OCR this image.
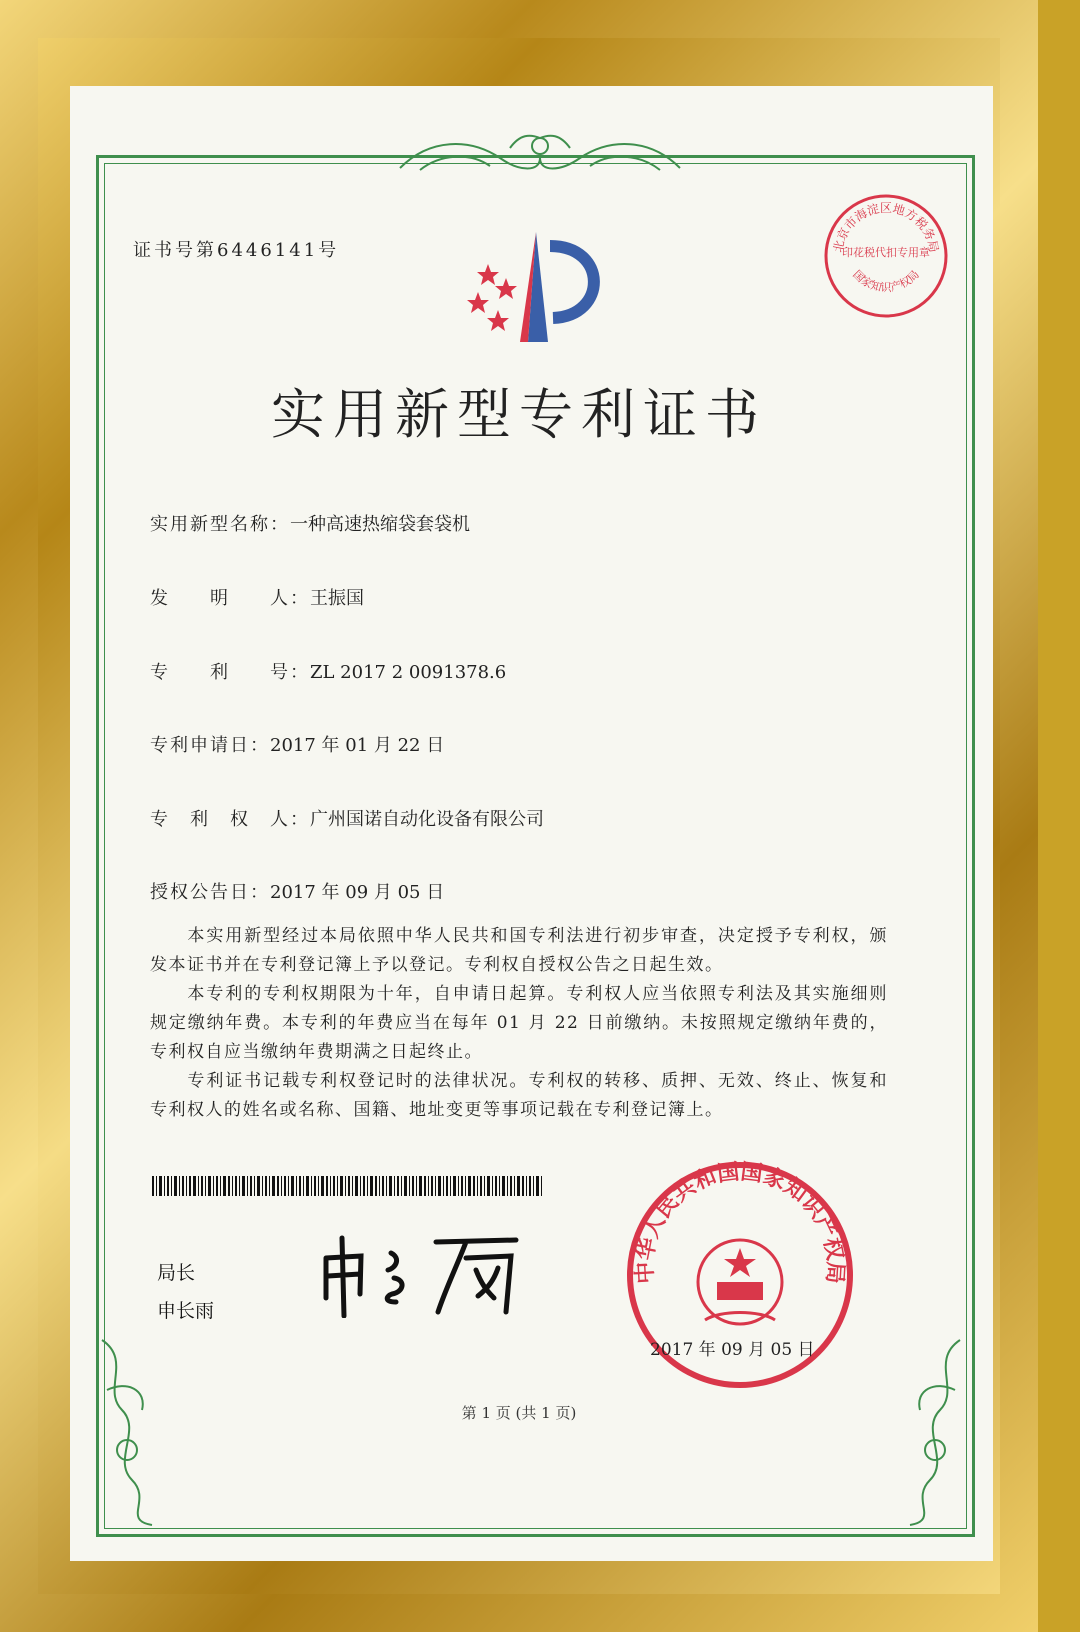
证书号第6446141号
实用新型专利证书
实用新型名称：一种高速热缩袋套袋机
发　　明　　人：王振国
专　　利　　号：ZL 2017 2 0091378.6
专利申请日：2017 年 01 月 22 日
专　利　权　人：广州国诺自动化设备有限公司
授权公告日：2017 年 09 月 05 日

本实用新型经过本局依照中华人民共和国专利法进行初步审查，决定授予专利权，颁发本证书并在专利登记簿上予以登记。专利权自授权公告之日起生效。

本专利的专利权期限为十年，自申请日起算。专利权人应当依照专利法及其实施细则规定缴纳年费。本专利的年费应当在每年 01 月 22 日前缴纳。未按照规定缴纳年费的，专利权自应当缴纳年费期满之日起终止。

专利证书记载专利权登记时的法律状况。专利权的转移、质押、无效、终止、恢复和专利权人的姓名或名称、国籍、地址变更等事项记载在专利登记簿上。

局长
申长雨
北京市海淀区地方税务局
印花税代扣专用章
国家知识产权局
中华人民共和国国家知识产权局
2017 年 09 月 05 日
第 1 页 (共 1 页)
